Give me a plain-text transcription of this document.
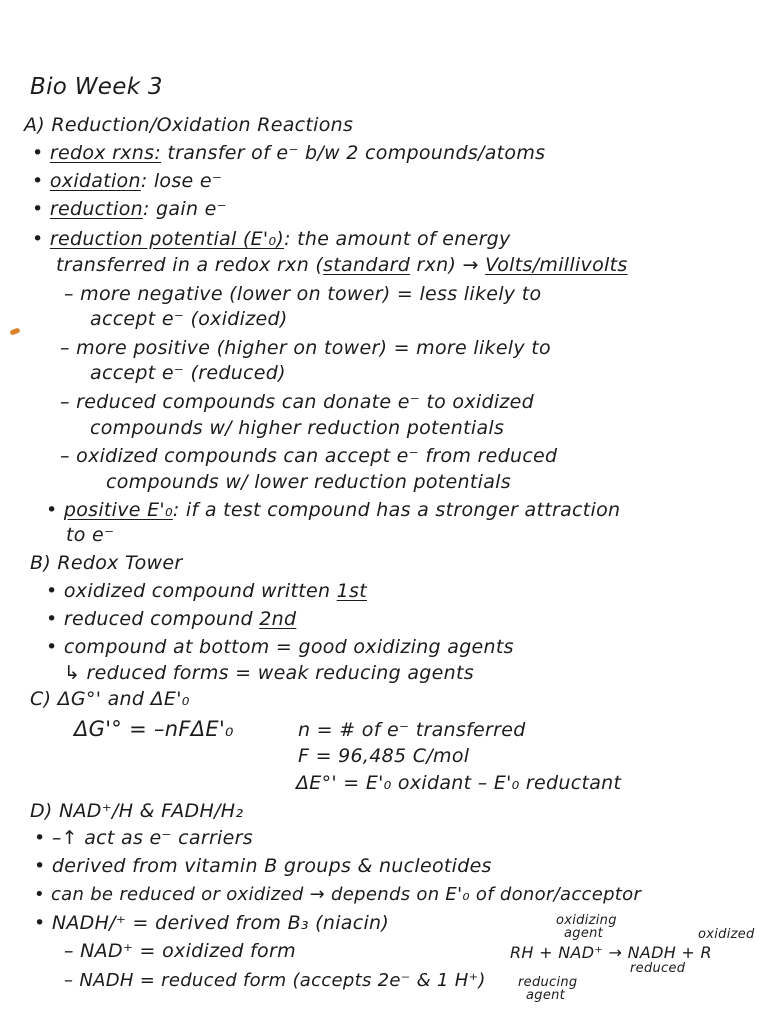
Bio Week 3
A) Reduction/Oxidation Reactions
• redox rxns: transfer of e⁻ b/w 2 compounds/atoms
• oxidation: lose e⁻
• reduction: gain e⁻
• reduction potential (E'₀): the amount of energy
transferred in a redox rxn (standard rxn) → Volts/millivolts
– more negative (lower on tower) = less likely to
accept e⁻ (oxidized)
– more positive (higher on tower) = more likely to
accept e⁻ (reduced)
– reduced compounds can donate e⁻ to oxidized
compounds w/ higher reduction potentials
– oxidized compounds can accept e⁻ from reduced
compounds w/ lower reduction potentials
• positive E'₀: if a test compound has a stronger attraction
to e⁻
B) Redox Tower
• oxidized compound written 1st
• reduced compound 2nd
• compound at bottom = good oxidizing agents
↳ reduced forms = weak reducing agents
C) ΔG°' and ΔE'₀
ΔG'° = –nFΔE'₀	n = # of e⁻ transferred
F = 96,485 C/mol
ΔE°' = E'₀ oxidant – E'₀ reductant
D) NAD⁺/H & FADH/H₂
• –↑ act as e⁻ carriers
• derived from vitamin B groups & nucleotides
• can be reduced or oxidized → depends on E'₀ of donor/acceptor
• NADH/⁺ = derived from B₃ (niacin)
– NAD⁺ = oxidized form
– NADH = reduced form (accepts 2e⁻ & 1 H⁺)
oxidizing
agent	oxidized
RH + NAD⁺ → NADH + R
reduced
reducing
agent
